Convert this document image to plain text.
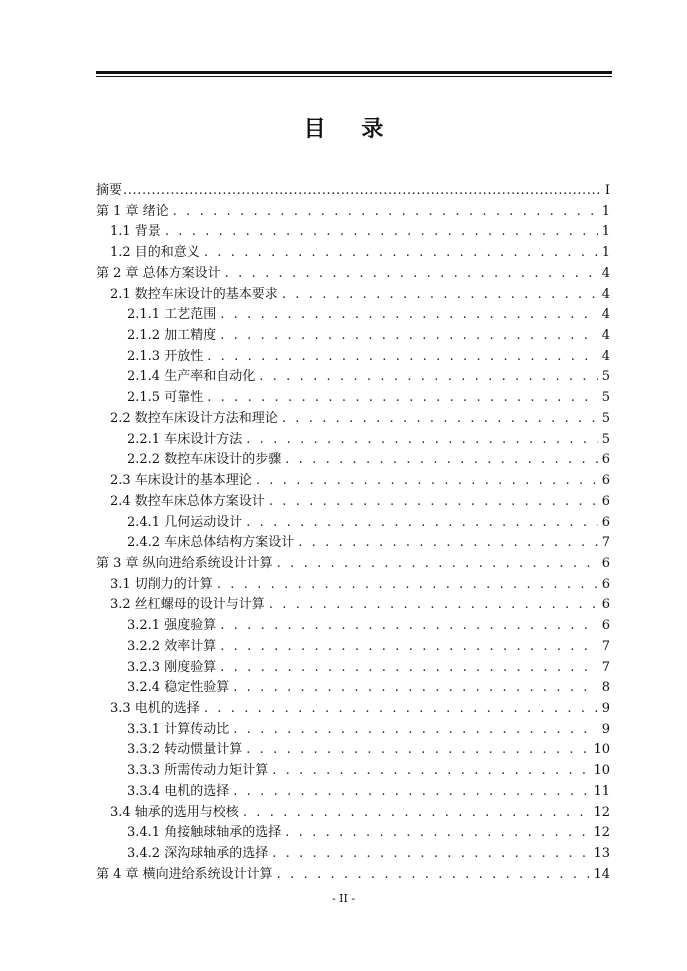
目 录
摘要 .....	I
第 1 章 绪论 . . .	1
1.1 背景 . . .	1
1.2 目的和意义 . . .	1
第 2 章 总体方案设计 . . .	4
2.1 数控车床设计的基本要求 . . .	4
2.1.1 工艺范围 . . .	4
2.1.2 加工精度 . . .	4
2.1.3 开放性 . . .	4
2.1.4 生产率和自动化 . . .	5
2.1.5 可靠性 . . .	5
2.2 数控车床设计方法和理论 . . .	5
2.2.1 车床设计方法 . . .	5
2.2.2 数控车床设计的步骤 . . .	6
2.3 车床设计的基本理论 . . .	6
2.4 数控车床总体方案设计 . . .	6
2.4.1 几何运动设计 . . .	6
2.4.2 车床总体结构方案设计 . . .	7
第 3 章 纵向进给系统设计计算 . . .	6
3.1 切削力的计算 . . .	6
3.2 丝杠螺母的设计与计算 . . .	6
3.2.1 强度验算 . . .	6
3.2.2 效率计算 . . .	7
3.2.3 刚度验算 . . .	7
3.2.4 稳定性验算 . . .	8
3.3 电机的选择 . . .	9
3.3.1 计算传动比 . . .	9
3.3.2 转动惯量计算 . . .	10
3.3.3 所需传动力矩计算 . . .	10
3.3.4 电机的选择 . . .	11
3.4 轴承的选用与校核 . . .	12
3.4.1 角接触球轴承的选择 . . .	12
3.4.2 深沟球轴承的选择 . . .	13
第 4 章 横向进给系统设计计算 . . .	14
- II -
